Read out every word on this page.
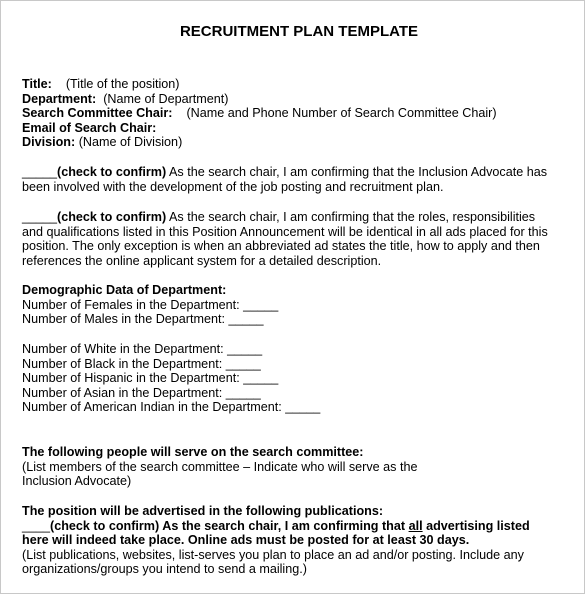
RECRUITMENT PLAN TEMPLATE
Title: (Title of the position)
Department: (Name of Department)
Search Committee Chair: (Name and Phone Number of Search Committee Chair)
Email of Search Chair:
Division: (Name of Division)
_____(check to confirm) As the search chair, I am confirming that the Inclusion Advocate has
been involved with the development of the job posting and recruitment plan.
_____(check to confirm) As the search chair, I am confirming that the roles, responsibilities
and qualifications listed in this Position Announcement will be identical in all ads placed for this
position. The only exception is when an abbreviated ad states the title, how to apply and then
references the online applicant system for a detailed description.
Demographic Data of Department:
Number of Females in the Department: _____
Number of Males in the Department: _____
Number of White in the Department: _____
Number of Black in the Department: _____
Number of Hispanic in the Department: _____
Number of Asian in the Department: _____
Number of American Indian in the Department: _____
The following people will serve on the search committee:
(List members of the search committee – Indicate who will serve as the
Inclusion Advocate)
The position will be advertised in the following publications:
____(check to confirm) As the search chair, I am confirming that all advertising listed
here will indeed take place. Online ads must be posted for at least 30 days.
(List publications, websites, list-serves you plan to place an ad and/or posting. Include any
organizations/groups you intend to send a mailing.)
